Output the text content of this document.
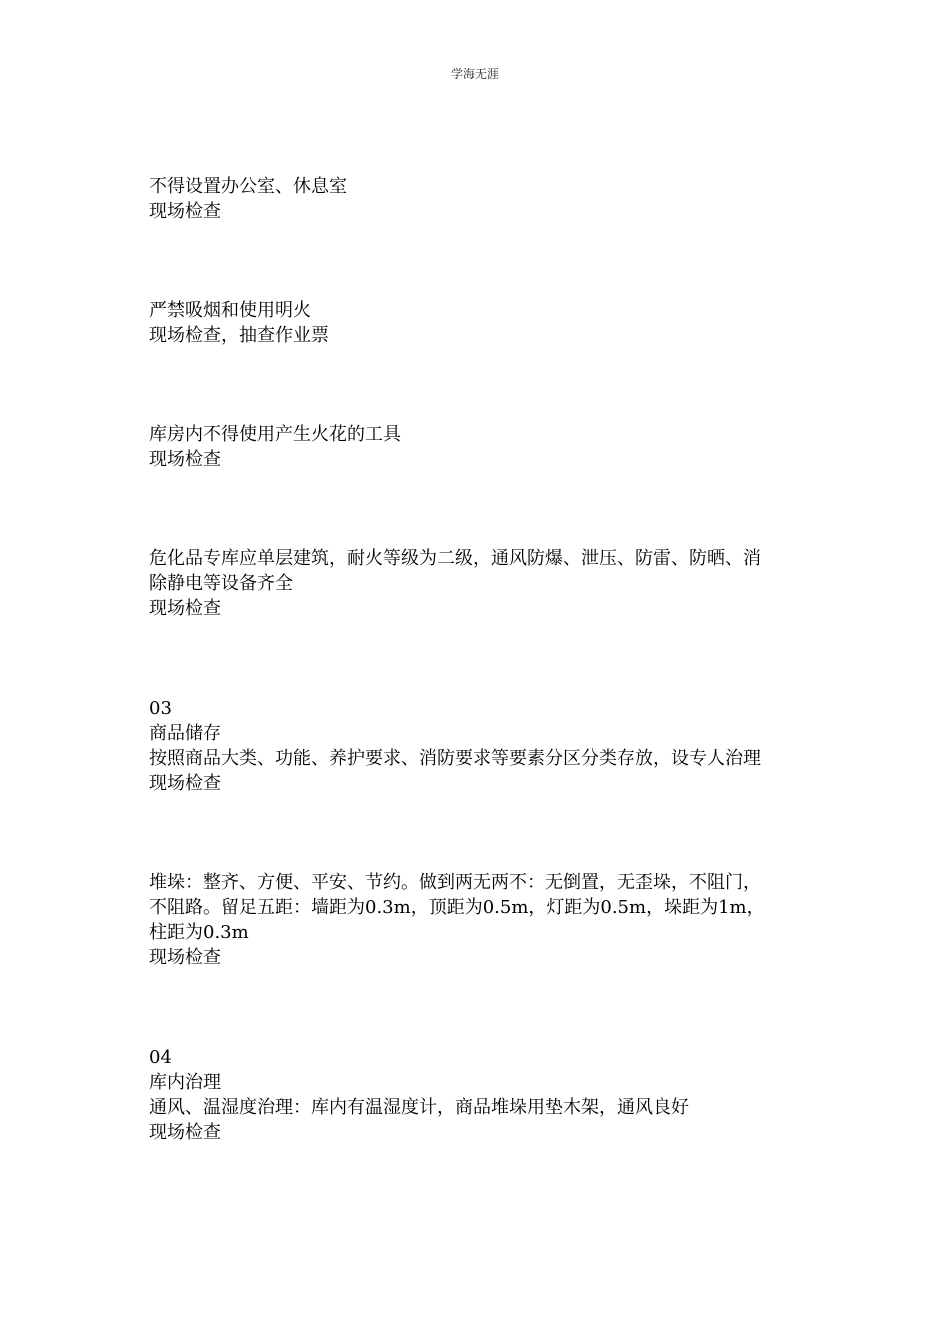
学海无涯
不得设置办公室、休息室
现场检查
严禁吸烟和使用明火
现场检查，抽查作业票
库房内不得使用产生火花的工具
现场检查
危化品专库应单层建筑，耐火等级为二级，通风防爆、泄压、防雷、防晒、消
除静电等设备齐全
现场检查
03
商品储存
按照商品大类、功能、养护要求、消防要求等要素分区分类存放，设专人治理
现场检查
堆垛：整齐、方便、平安、节约。做到两无两不：无倒置，无歪垛，不阻门，
不阻路。留足五距：墙距为0.3m，顶距为0.5m，灯距为0.5m，垛距为1m，
柱距为0.3m
现场检查
04
库内治理
通风、温湿度治理：库内有温湿度计，商品堆垛用垫木架，通风良好
现场检查
